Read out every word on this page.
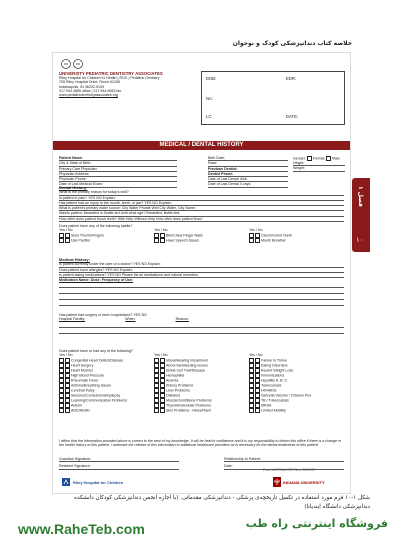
خلاصه کتاب دندانپزشکی کودک و نوجوان
فصل ۱
۱۰
UNIVERSITY PEDIATRIC DENTISTRY ASSOCIATES
Riley Hospital for Children IU Health | ROC | Pediatric Dentistry
705 Riley Hospital Drive, Room #1205
Indianapolis, IN 46202-5109
317.944.3865 office | 317.944.9653 fax
www.pediatricdentistryassociates.org
DOB:	EDR:
NA:
LC:	DATE:
MEDICAL / DENTAL HISTORY
Patient Name:
City & State of Birth:
Primary Care Physician:
Physician Address:
Physician Phone:
Date of Last Medical Exam:
Birth Date:
Race:
Previous Dentist:
Dentist Phone:
Date of Last Dental Visit:
Date of Last Dental X-rays:
Gender: Female Male
Height:
Weight:
Dental History:
What is the primary reason for today's visit?
Is patient in pain? YES NO Explain:
Has patient had an injury to the mouth, teeth, or jaw? YES NO Explain:
What is patient's primary water source: City Water Private Well City Water, City Name:
Was/Is patient: Breastfed or Bottle-fed Until what age? Breastfed: Bottle-fed:
How often does patient brush teeth? With Help Without Help How often does patient floss?
Does patient have any of the following habits?
Yes / No
Suck Thumb/Fingers
Use Pacifier
Yes / No
Bite/Chew Finger Nails
Have Speech Issues
Yes / No
Clench/Grind Teeth
Mouth Breather
Medical History:
Is patient currently under the care of a doctor? YES NO Explain:
Does patient have allergies? YES NO Explain:
Is patient taking medications? YES NO Please list all medications and natural remedies.
Medication Name: Dose: Frequency of Use:
Has patient had surgery or been hospitalized? YES NO
Hospital Facility:	When:	Reason:
Does patient have or had any of the following?
Yes / No
Congenital Heart Defect/Disease
Heart Surgery
Heart Murmur
High Blood Pressure
Rheumatic Fever
Asthma/Breathing Issues
Cerebral Palsy
Seizures/Convulsions/Epilepsy
Learning/Communication Problems
Autism
ADD/ADHD
Yes / No
Visual/Hearing Impairment
Abnormal Bleeding Issues
Sickle Cell Trait/Disease
Hemophilia
Anemia
Kidney Problems
Liver Problems
Diabetes
Muscle/Joint/Bone Problems
Thyroid/Glandular Problems
Skin Problems - Hives/Rash
Yes / No
Failure to Thrive
Eating Disorders
Recent Weight Loss
Immunizations
Hepatitis A, B, C
Tuberculosis
HIV/AIDS
Varicella Vaccine / Chicken Pox
TB / Tuberculosis
MRSA
Limited Mobility
I affirm that the information provided above is correct to the best of my knowledge. It will be held in confidence and it is my responsibility to inform this office if there is a change in the health history of this patient. I authorize the release of this information to additional healthcare providers as is necessary for the dental treatments of this patient.
Guardian Signature:	Relationship to Patient:
Resident Signature:	Date:
Riley Hospital for Children	INDIANA UNIVERSITY
Form #UPDA/HIST Rev. 02/2017
شکل ۱-۱۰ فرم مورد استفاده در تکمیل تاریخچه‌ی پزشکی - دندانپزشکی مقدماتی. (با اجازه انجمن دندانپزشکی کودکان دانشکده دندانپزشکی دانشگاه ایندیانا)
www.RaheTeb.com	فروشگاه اینترنتی راه طب
